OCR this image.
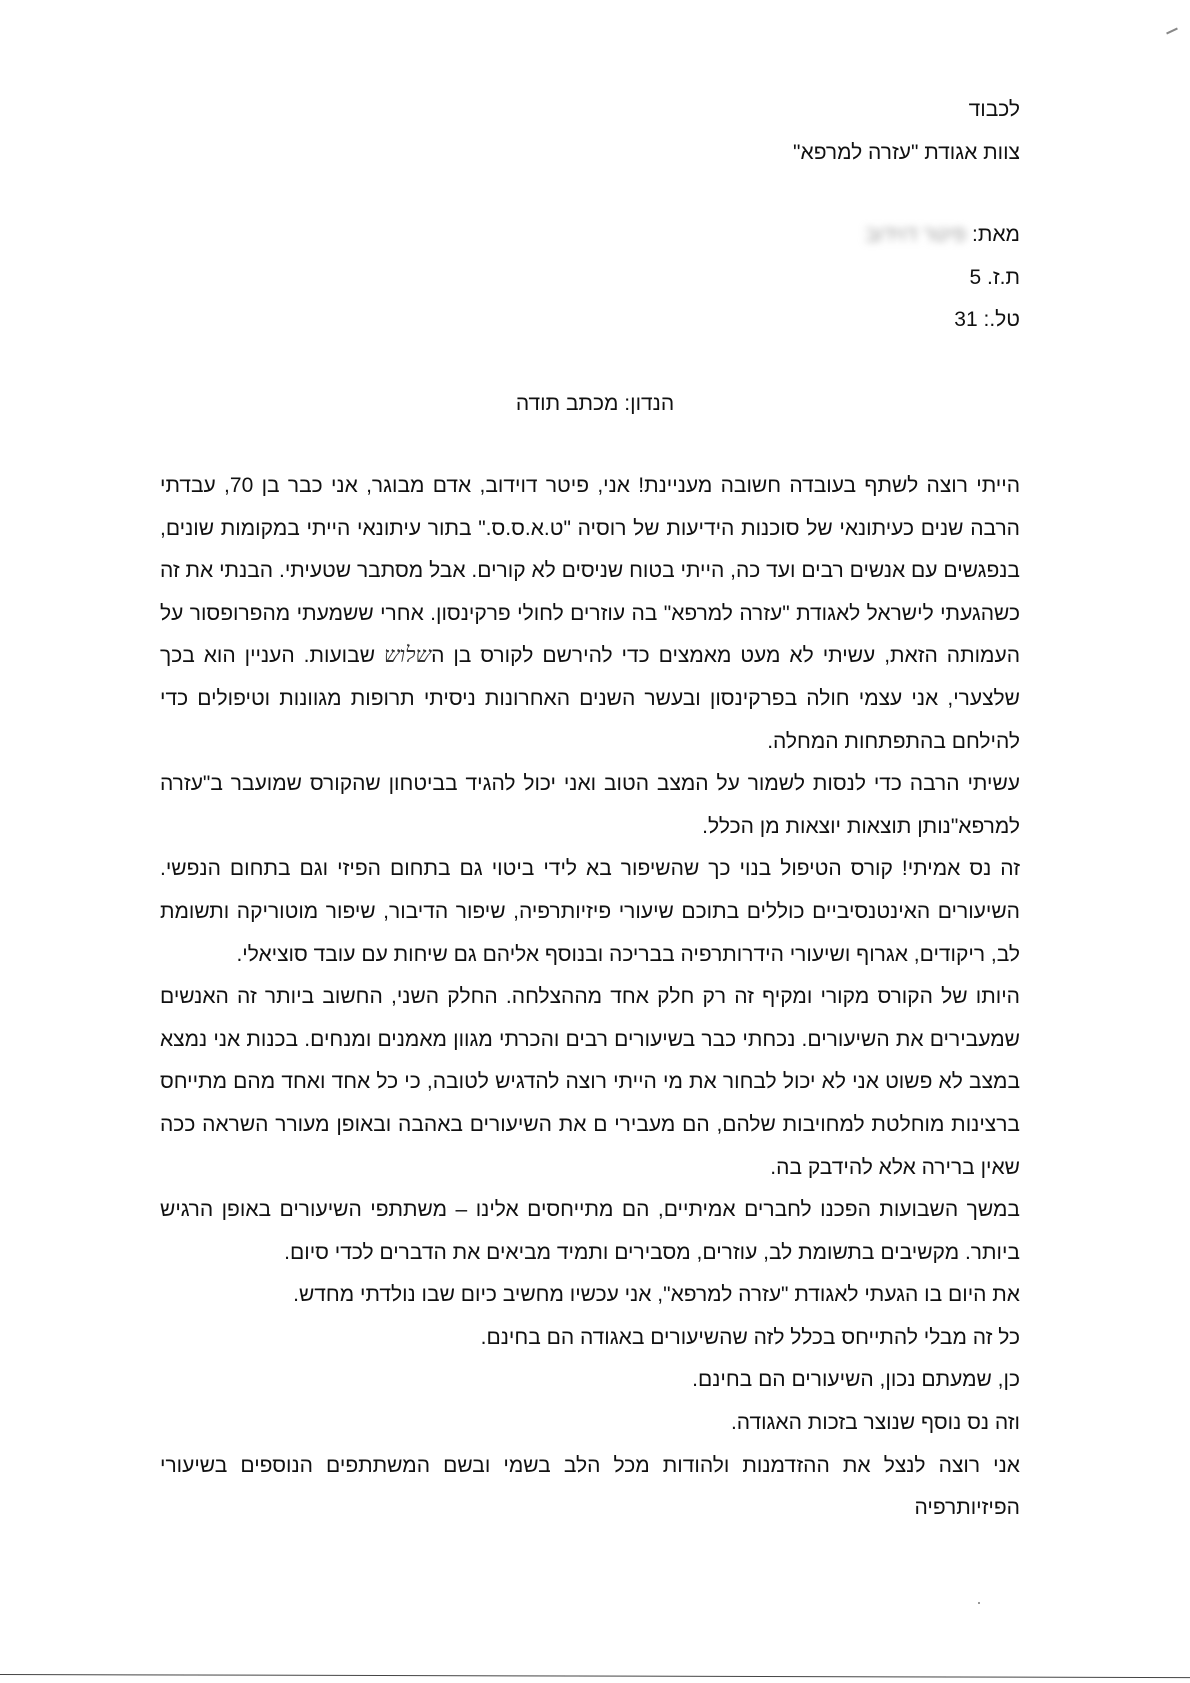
לכבוד
צוות אגודת "עזרה למרפא"
מאת: פיטר דוידוב
ת.ז. 5
טל.: 31
הנדון: מכתב תודה

הייתי רוצה לשתף בעובדה חשובה מעניינת! אני, פיטר דוידוב, אדם מבוגר, אני כבר בן 70, עבדתי הרבה שנים כעיתונאי של סוכנות הידיעות של רוסיה "ט.א.ס.ס." בתור עיתונאי הייתי במקומות שונים, בנפגשים עם אנשים רבים ועד כה, הייתי בטוח שניסים לא קורים. אבל מסתבר שטעיתי. הבנתי את זה כשהגעתי לישראל לאגודת "עזרה למרפא" בה עוזרים לחולי פרקינסון. אחרי ששמעתי מהפרופסור על העמותה הזאת, עשיתי לא מעט מאמצים כדי להירשם לקורס בן השלוש שבועות. העניין הוא בכך שלצערי, אני עצמי חולה בפרקינסון ובעשר השנים האחרונות ניסיתי תרופות מגוונות וטיפולים כדי להילחם בהתפתחות המחלה.

עשיתי הרבה כדי לנסות לשמור על המצב הטוב ואני יכול להגיד בביטחון שהקורס שמועבר ב"עזרה למרפא"נותן תוצאות יוצאות מן הכלל.

זה נס אמיתי! קורס הטיפול בנוי כך שהשיפור בא לידי ביטוי גם בתחום הפיזי וגם בתחום הנפשי. השיעורים האינטנסיביים כוללים בתוכם שיעורי פיזיותרפיה, שיפור הדיבור, שיפור מוטוריקה ותשומת לב, ריקודים, אגרוף ושיעורי הידרותרפיה בבריכה ובנוסף אליהם גם שיחות עם עובד סוציאלי.

היותו של הקורס מקורי ומקיף זה רק חלק אחד מההצלחה. החלק השני, החשוב ביותר זה האנשים שמעבירים את השיעורים. נכחתי כבר בשיעורים רבים והכרתי מגוון מאמנים ומנחים. בכנות אני נמצא במצב לא פשוט אני לא יכול לבחור את מי הייתי רוצה להדגיש לטובה, כי כל אחד ואחד מהם מתייחס ברצינות מוחלטת למחויבות שלהם, הם מעבירי ם את השיעורים באהבה ובאופן מעורר השראה ככה שאין ברירה אלא להידבק בה.

במשך השבועות הפכנו לחברים אמיתיים, הם מתייחסים אלינו – משתתפי השיעורים באופן הרגיש ביותר. מקשיבים בתשומת לב, עוזרים, מסבירים ותמיד מביאים את הדברים לכדי סיום.

את היום בו הגעתי לאגודת "עזרה למרפא", אני עכשיו מחשיב כיום שבו נולדתי מחדש.

כל זה מבלי להתייחס בכלל לזה שהשיעורים באגודה הם בחינם.

כן, שמעתם נכון, השיעורים הם בחינם.

וזה נס נוסף שנוצר בזכות האגודה.

אני רוצה לנצל את ההזדמנות ולהודות מכל הלב בשמי ובשם המשתתפים הנוספים בשיעורי הפיזיותרפיה
